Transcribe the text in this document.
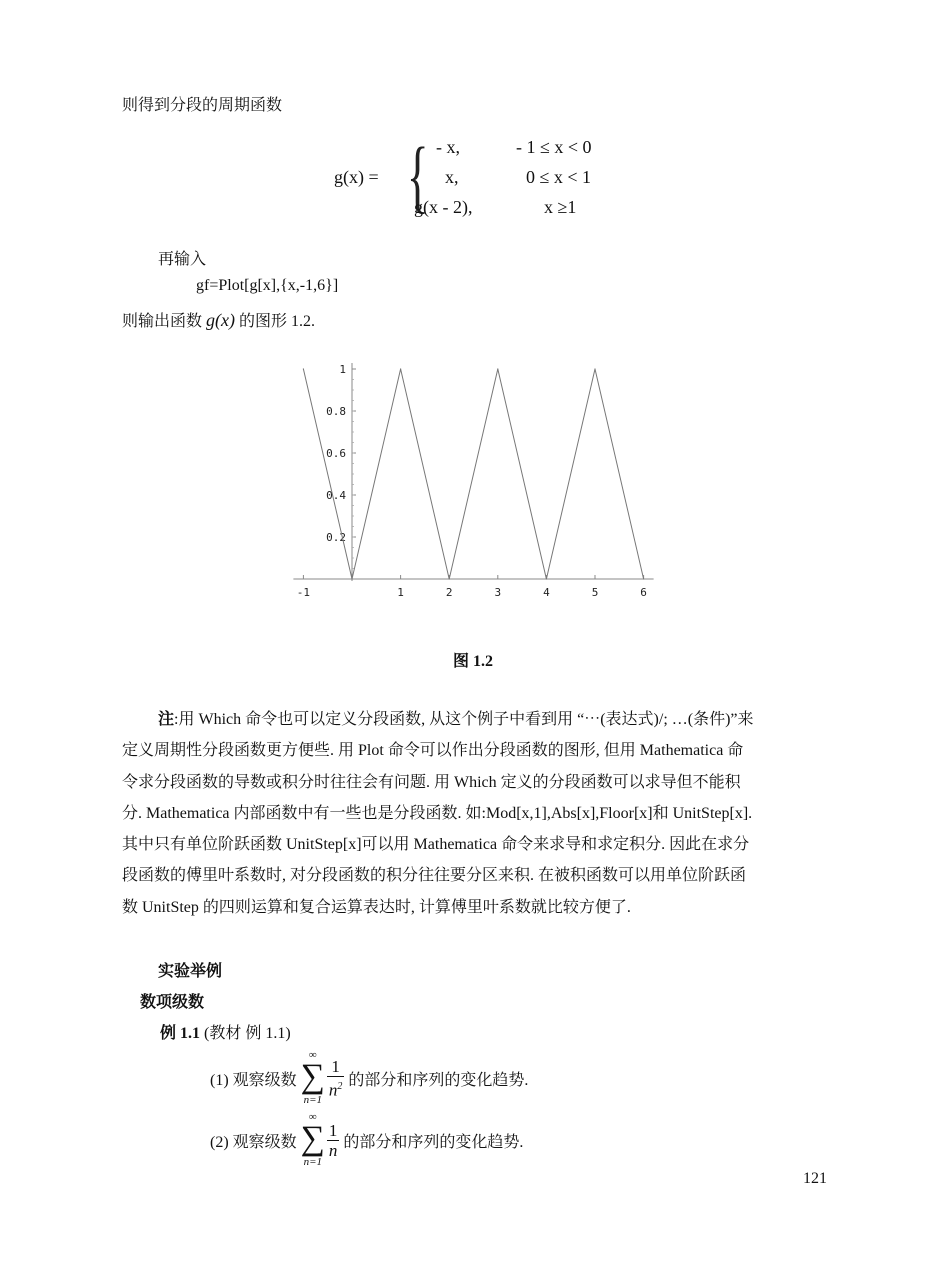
则得到分段的周期函数
g(x) = { - x,	- 1 ≤ x < 0
x,	0 ≤ x < 1
g(x - 2),	x ≥1
再输入
gf=Plot[g[x],{x,-1,6}]
则输出函数 g(x) 的图形 1.2.
0.2
0.4
0.6
0.8
1
-1	1	2	3	4	5	6
图 1.2
注:用 Which 命令也可以定义分段函数, 从这个例子中看到用 “⋯(表达式)/; …(条件)”来
定义周期性分段函数更方便些. 用 Plot 命令可以作出分段函数的图形, 但用 Mathematica 命
令求分段函数的导数或积分时往往会有问题. 用 Which 定义的分段函数可以求导但不能积
分. Mathematica 内部函数中有一些也是分段函数. 如:Mod[x,1],Abs[x],Floor[x]和 UnitStep[x].
其中只有单位阶跃函数 UnitStep[x]可以用 Mathematica 命令来求导和求定积分. 因此在求分
段函数的傅里叶系数时, 对分段函数的积分往往要分区来积. 在被积函数可以用单位阶跃函
数 UnitStep 的四则运算和复合运算表达时, 计算傅里叶系数就比较方便了.
实验举例
数项级数
例 1.1 (教材 例 1.1)
(1) 观察级数
∞
∑
n=1
$\frac{1}{n^2}$ 的部分和序列的变化趋势.
(2) 观察级数
∞
∑
n=1
$\frac{1}{n}$ 的部分和序列的变化趋势.
121
